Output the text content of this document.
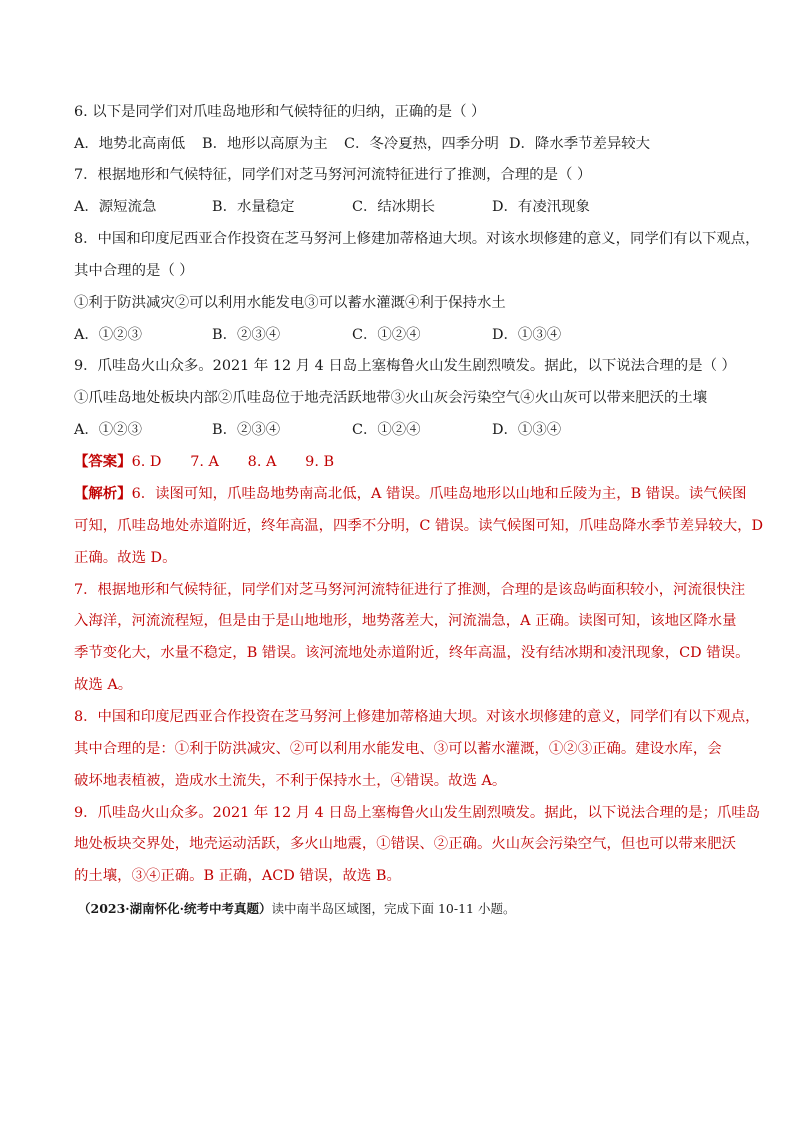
6. 以下是同学们对爪哇岛地形和气候特征的归纳，正确的是（ ）
A．地势北高南低 B．地形以高原为主 C．冬冷夏热，四季分明 D．降水季节差异较大
7．根据地形和气候特征，同学们对芝马努河河流特征进行了推测，合理的是（ ）
A．源短流急	B．水量稳定	C．结冰期长	D．有凌汛现象
8．中国和印度尼西亚合作投资在芝马努河上修建加蒂格迪大坝。对该水坝修建的意义，同学们有以下观点，
其中合理的是（ ）
①利于防洪减灾②可以利用水能发电③可以蓄水灌溉④利于保持水土
A．①②③	B．②③④	C．①②④	D．①③④
9．爪哇岛火山众多。2021 年 12 月 4 日岛上塞梅鲁火山发生剧烈喷发。据此，以下说法合理的是（ ）
①爪哇岛地处板块内部②爪哇岛位于地壳活跃地带③火山灰会污染空气④火山灰可以带来肥沃的土壤
A．①②③	B．②③④	C．①②④	D．①③④
【答案】6. D　　7. A　　8. A　　9. B
【解析】6．读图可知，爪哇岛地势南高北低，A 错误。爪哇岛地形以山地和丘陵为主，B 错误。读气候图
可知，爪哇岛地处赤道附近，终年高温，四季不分明，C 错误。读气候图可知，爪哇岛降水季节差异较大，D
正确。故选 D。
7．根据地形和气候特征，同学们对芝马努河河流特征进行了推测，合理的是该岛屿面积较小，河流很快注
入海洋，河流流程短，但是由于是山地地形，地势落差大，河流湍急，A 正确。读图可知，该地区降水量
季节变化大，水量不稳定，B 错误。该河流地处赤道附近，终年高温，没有结冰期和凌汛现象，CD 错误。
故选 A。
8．中国和印度尼西亚合作投资在芝马努河上修建加蒂格迪大坝。对该水坝修建的意义，同学们有以下观点，
其中合理的是：①利于防洪减灾、②可以利用水能发电、③可以蓄水灌溉，①②③正确。建设水库，会
破坏地表植被，造成水土流失，不利于保持水土，④错误。故选 A。
9．爪哇岛火山众多。2021 年 12 月 4 日岛上塞梅鲁火山发生剧烈喷发。据此，以下说法合理的是；爪哇岛
地处板块交界处，地壳运动活跃，多火山地震，①错误、②正确。火山灰会污染空气，但也可以带来肥沃
的土壤，③④正确。B 正确，ACD 错误，故选 B。
（2023·湖南怀化·统考中考真题）读中南半岛区域图，完成下面 10-11 小题。
